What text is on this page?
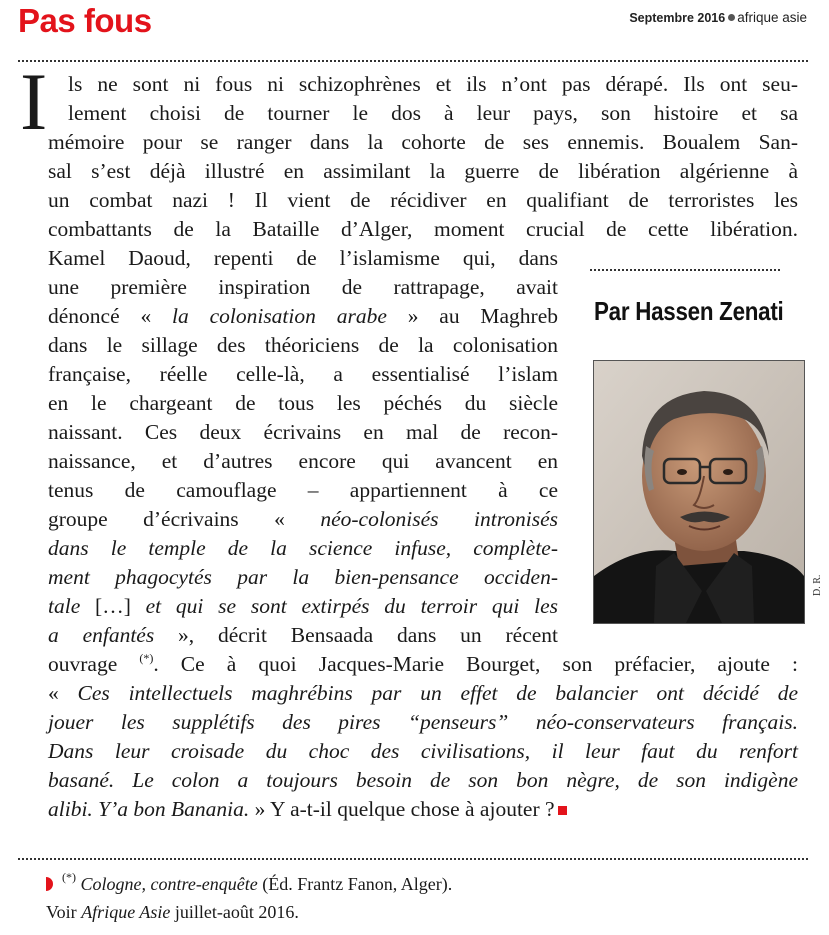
Pas fous	Septembre 2016 afrique asie
I ls ne sont ni fous ni schizophrènes et ils n’ont pas dérapé. Ils ont seu-
lement choisi de tourner le dos à leur pays, son histoire et sa
mémoire pour se ranger dans la cohorte de ses ennemis. Boualem San-
sal s’est déjà illustré en assimilant la guerre de libération algérienne à
un combat nazi ! Il vient de récidiver en qualifiant de terroristes les
combattants de la Bataille d’Alger, moment crucial de cette libération.
Kamel Daoud, repenti de l’islamisme qui, dans
une première inspiration de rattrapage, avait
dénoncé « la colonisation arabe » au Maghreb
dans le sillage des théoriciens de la colonisation
française, réelle celle-là, a essentialisé l’islam
en le chargeant de tous les péchés du siècle
naissant. Ces deux écrivains en mal de recon-
naissance, et d’autres encore qui avancent en
tenus de camouflage – appartiennent à ce
groupe d’écrivains « néo-colonisés intronisés
dans le temple de la science infuse, complète-
ment phagocytés par la bien-pensance occiden-
tale […] et qui se sont extirpés du terroir qui les
a enfantés », décrit Bensaada dans un récent
ouvrage (*). Ce à quoi Jacques-Marie Bourget, son préfacier, ajoute :
« Ces intellectuels maghrébins par un effet de balancier ont décidé de
jouer les supplétifs des pires “penseurs” néo-conservateurs français.
Dans leur croisade du choc des civilisations, il leur faut du renfort
basané. Le colon a toujours besoin de son bon nègre, de son indigène
alibi. Y’a bon Banania. » Y a-t-il quelque chose à ajouter ?
Par Hassen Zenati
D. R.
(*) Cologne, contre-enquête (Éd. Frantz Fanon, Alger).
Voir Afrique Asie juillet-août 2016.
